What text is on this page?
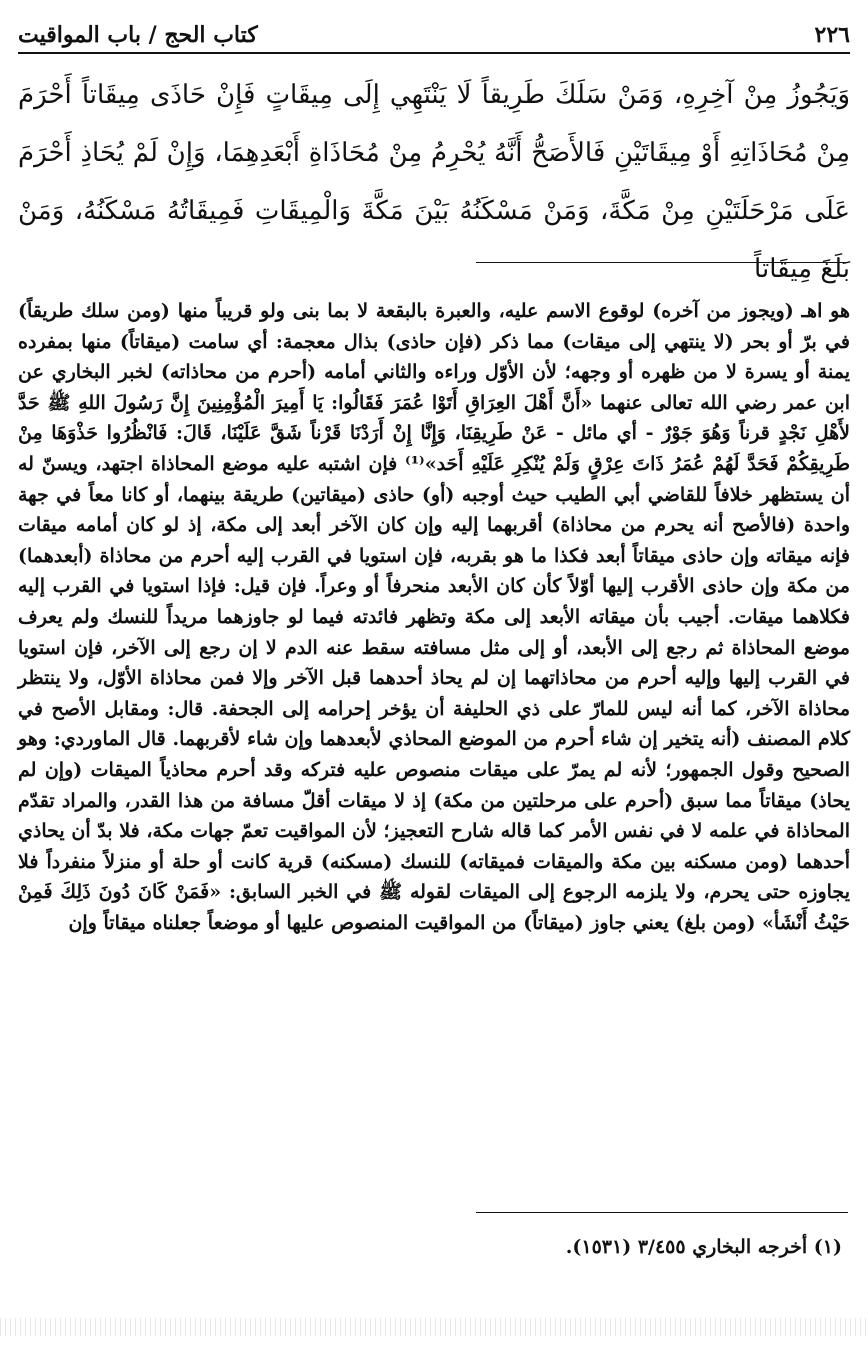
٢٢٦
كتاب الحج / باب المواقيت

وَيَجُوزُ مِنْ آخِرِهِ، وَمَنْ سَلَكَ طَرِيقاً لَا يَنْتَهِي إِلَى مِيقَاتٍ فَإِنْ حَاذَى مِيقَاتاً أَحْرَمَ مِنْ مُحَاذَاتِهِ أَوْ مِيقَاتَيْنِ فَالأَصَحُّ أَنَّهُ يُحْرِمُ مِنْ مُحَاذَاةِ أَبْعَدِهِمَا، وَإِنْ لَمْ يُحَاذِ أَحْرَمَ عَلَى مَرْحَلَتَيْنِ مِنْ مَكَّةَ، وَمَنْ مَسْكَنُهُ بَيْنَ مَكَّةَ وَالْمِيقَاتِ فَمِيقَاتُهُ مَسْكَنُهُ، وَمَنْ بَلَغَ مِيقَاتاً

هو اهـ (ويجوز من آخره) لوقوع الاسم عليه، والعبرة بالبقعة لا بما بنى ولو قريباً منها (ومن سلك طريقاً) في برّ أو بحر (لا ينتهي إلى ميقات) مما ذكر (فإن حاذى) بذال معجمة: أي سامت (ميقاتاً) منها بمفرده يمنة أو يسرة لا من ظهره أو وجهه؛ لأن الأوّل وراءه والثاني أمامه (أحرم من محاذاته) لخبر البخاري عن ابن عمر رضي الله تعالى عنهما «أَنَّ أَهْلَ العِرَاقِ أَتَوْا عُمَرَ فَقَالُوا: يَا أَمِيرَ الْمُؤْمِنِينَ إِنَّ رَسُولَ اللهِ ﷺ حَدَّ لأَهْلِ نَجْدٍ قرناً وَهُوَ جَوْرٌ - أي مائل - عَنْ طَرِيقِنَا، وَإِنَّا إِنْ أَرَدْنَا قَرْناً شَقَّ عَلَيْنَا، قَالَ: فَانْظُرُوا حَذْوَهَا مِنْ طَرِيقِكُمْ فَحَدَّ لَهُمْ عُمَرُ ذَاتَ عِرْقٍ وَلَمْ يُنْكِرِ عَلَيْهِ أَحَد»⁽¹⁾ فإن اشتبه عليه موضع المحاذاة اجتهد، ويسنّ له أن يستظهر خلافاً للقاضي أبي الطيب حيث أوجبه (أو) حاذى (ميقاتين) طريقة بينهما، أو كانا معاً في جهة واحدة (فالأصح أنه يحرم من محاذاة) أقربهما إليه وإن كان الآخر أبعد إلى مكة، إذ لو كان أمامه ميقات فإنه ميقاته وإن حاذى ميقاتاً أبعد فكذا ما هو بقربه، فإن استويا في القرب إليه أحرم من محاذاة (أبعدهما) من مكة وإن حاذى الأقرب إليها أوّلاً كأن كان الأبعد منحرفاً أو وعراً. فإن قيل: فإذا استويا في القرب إليه فكلاهما ميقات. أجيب بأن ميقاته الأبعد إلى مكة وتظهر فائدته فيما لو جاوزهما مريداً للنسك ولم يعرف موضع المحاذاة ثم رجع إلى الأبعد، أو إلى مثل مسافته سقط عنه الدم لا إن رجع إلى الآخر، فإن استويا في القرب إليها وإليه أحرم من محاذاتهما إن لم يحاذ أحدهما قبل الآخر وإلا فمن محاذاة الأوّل، ولا ينتظر محاذاة الآخر، كما أنه ليس للمارّ على ذي الحليفة أن يؤخر إحرامه إلى الجحفة. قال: ومقابل الأصح في كلام المصنف (أنه يتخير إن شاء أحرم من الموضع المحاذي لأبعدهما وإن شاء لأقربهما. قال الماوردي: وهو الصحيح وقول الجمهور؛ لأنه لم يمرّ على ميقات منصوص عليه فتركه وقد أحرم محاذياً الميقات (وإن لم يحاذ) ميقاتاً مما سبق (أحرم على مرحلتين من مكة) إذ لا ميقات أقلّ مسافة من هذا القدر، والمراد تقدّم المحاذاة في علمه لا في نفس الأمر كما قاله شارح التعجيز؛ لأن المواقيت تعمّ جهات مكة، فلا بدّ أن يحاذي أحدهما (ومن مسكنه بين مكة والميقات فميقاته) للنسك (مسكنه) قرية كانت أو حلة أو منزلاً منفرداً فلا يجاوزه حتى يحرم، ولا يلزمه الرجوع إلى الميقات لقوله ﷺ في الخبر السابق: «فَمَنْ كَانَ دُونَ ذَلِكَ فَمِنْ حَيْثُ أَنْشَأ» (ومن بلغ) يعني جاوز (ميقاتاً) من المواقيت المنصوص عليها أو موضعاً جعلناه ميقاتاً وإن

(١) أخرجه البخاري ٣/٤٥٥ (١٥٣١).
